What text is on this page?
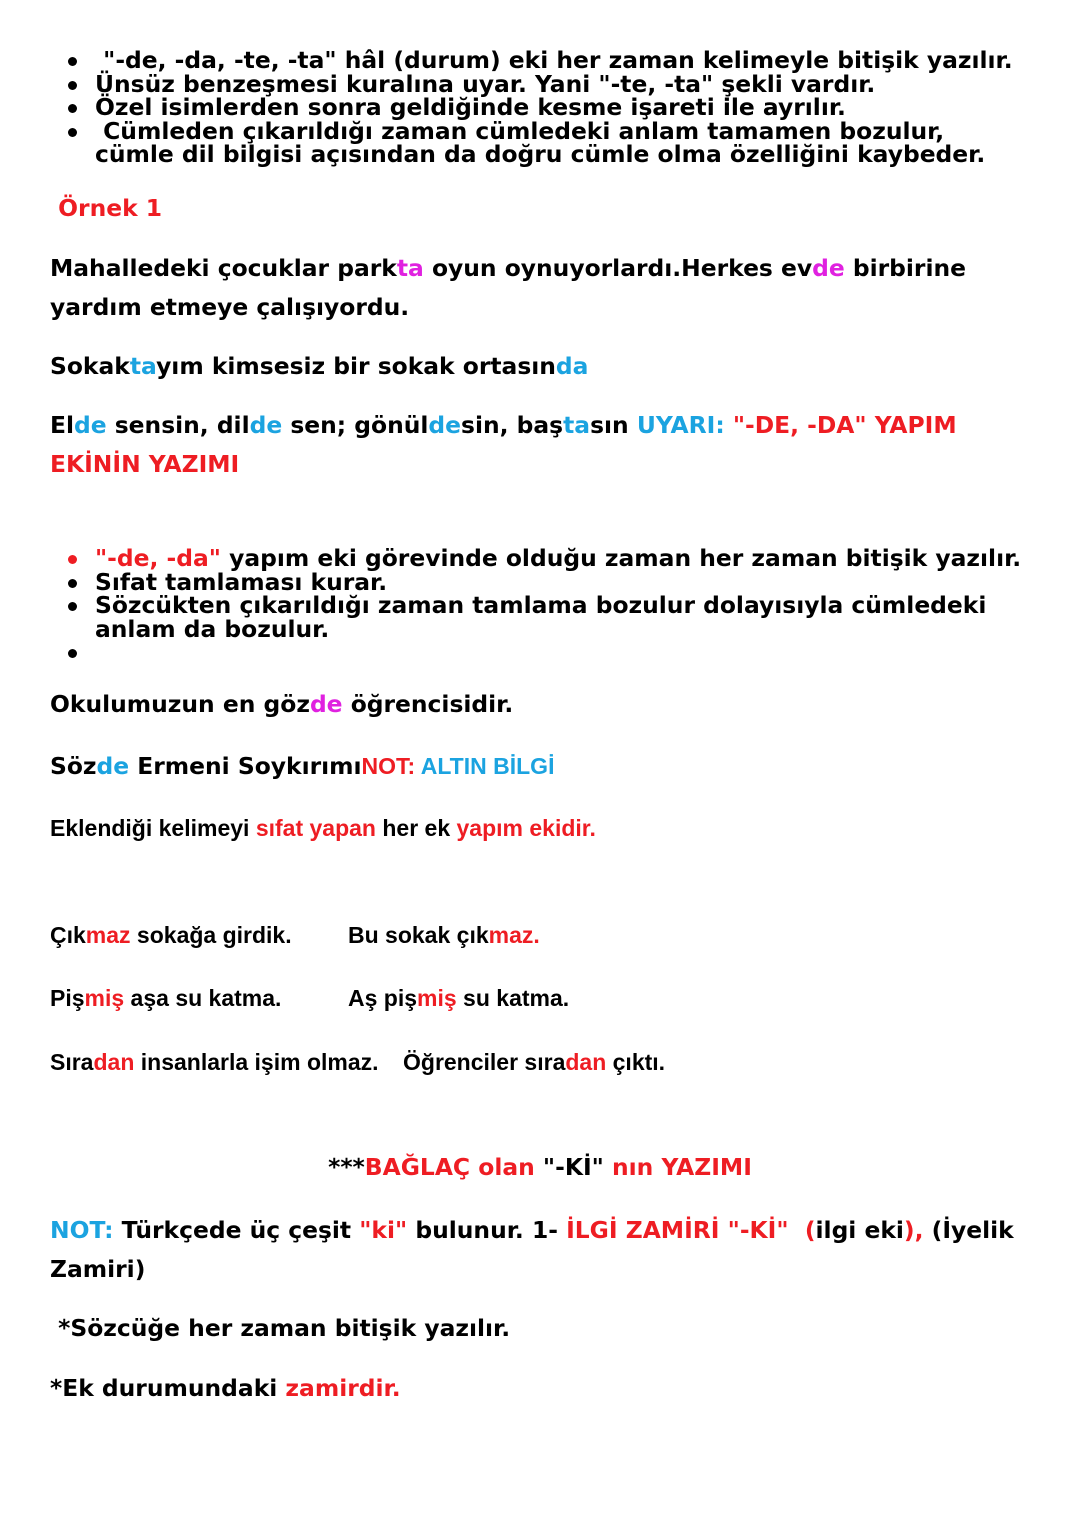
"-de, -da, -te, -ta" hâl (durum) eki her zaman kelimeyle bitişik yazılır.
Ünsüz benzeşmesi kuralına uyar. Yani "-te, -ta" şekli vardır.
Özel isimlerden sonra geldiğinde kesme işareti ile ayrılır.
Cümleden çıkarıldığı zaman cümledeki anlam tamamen bozulur,
cümle dil bilgisi açısından da doğru cümle olma özelliğini kaybeder.
Örnek 1
Mahalledeki çocuklar parkta oyun oynuyorlardı.Herkes evde birbirine
yardım etmeye çalışıyordu.
Sokaktayım kimsesiz bir sokak ortasında
Elde sensin, dilde sen; gönüldesin, baştasın UYARI: "-DE, -DA" YAPIM
EKİNİN YAZIMI
"-de, -da" yapım eki görevinde olduğu zaman her zaman bitişik yazılır.
Sıfat tamlaması kurar.
Sözcükten çıkarıldığı zaman tamlama bozulur dolayısıyla cümledeki
anlam da bozulur.
Okulumuzun en gözde öğrencisidir.
Sözde Ermeni SoykırımıNOT: ALTIN BİLGİ
Eklendiği kelimeyi sıfat yapan her ek yapım ekidir.
Çıkmaz sokağa girdik. Bu sokak çıkmaz.
Pişmiş aşa su katma.	Aş pişmiş su katma.
Sıradan insanlarla işim olmaz. Öğrenciler sıradan çıktı.
***BAĞLAÇ olan "-Kİ" nın YAZIMI
NOT: Türkçede üç çeşit "ki" bulunur. 1- İLGİ ZAMİRİ "-Kİ"  (ilgi eki), (İyelik
Zamiri)
*Sözcüğe her zaman bitişik yazılır.
*Ek durumundaki zamirdir.
